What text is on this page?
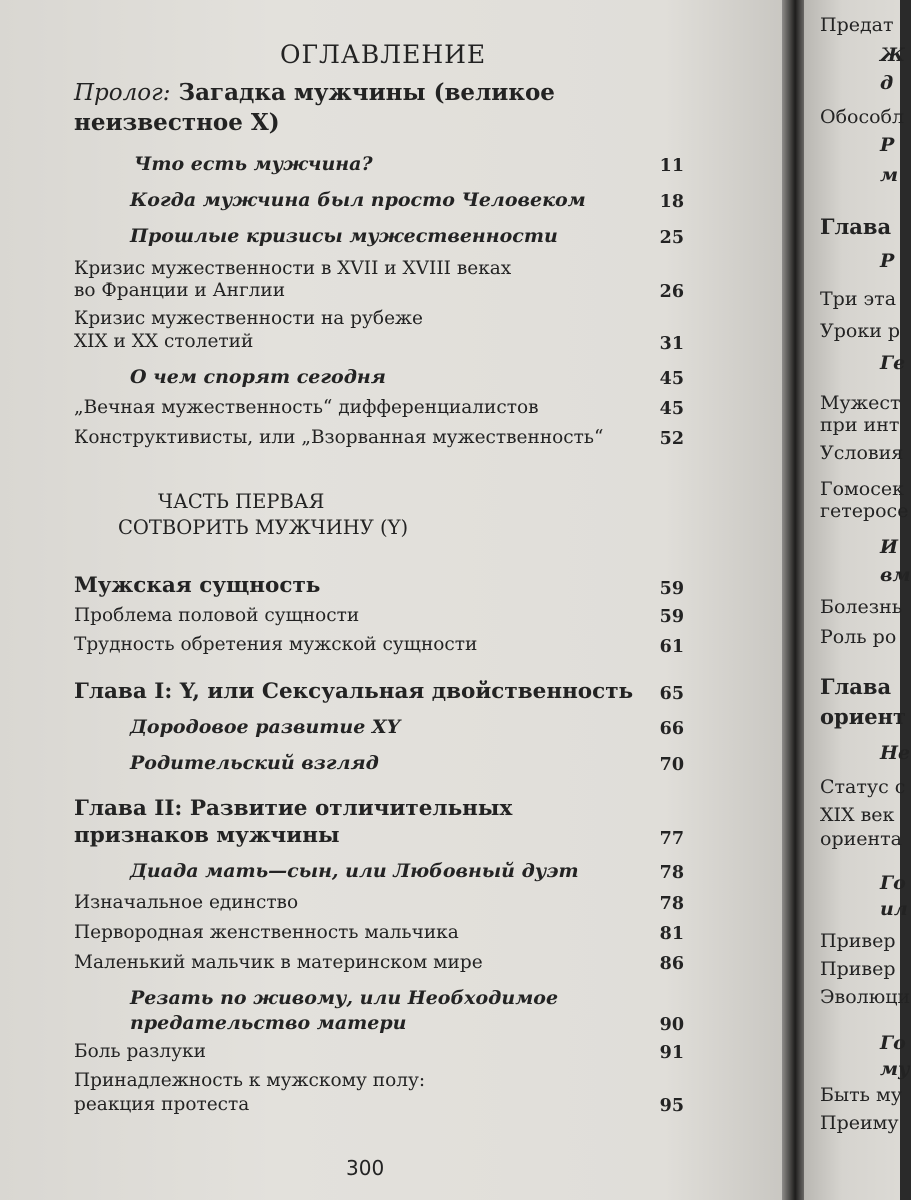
ОГЛАВЛЕНИЕ
Пролог: Загадка мужчины (великое
неизвестное X)
Что есть мужчина?	11
Когда мужчина был просто Человеком	18
Прошлые кризисы мужественности	25
Кризис мужественности в XVII и XVIII веках
во Франции и Англии	26
Кризис мужественности на рубеже
XIX и XX столетий	31
О чем спорят сегодня	45
„Вечная мужественность“ дифференциалистов	45
Конструктивисты, или „Взорванная мужественность“	52
ЧАСТЬ ПЕРВАЯ
СОТВОРИТЬ МУЖЧИНУ (Y)
Мужская сущность	59
Проблема половой сущности	59
Трудность обретения мужской сущности	61
Глава I: Y, или Сексуальная двойственность 65
Дородовое развитие XY	66
Родительский взгляд	70
Глава II: Развитие отличительных
признаков мужчины	77
Диада мать—сын, или Любовный дуэт	78
Изначальное единство	78
Первородная женственность мальчика	81
Маленький мальчик в материнском мире	86
Резать по живому, или Необходимое
предательство матери	90
Боль разлуки	91
Принадлежность к мужскому полу:
реакция протеста	95
300
Предат
Ж
д
Обособл
Р
м
Глава
Р
Три эта
Уроки р
Ге
Мужест
при инт
Условия
Гомосек
гетеросе
И
вм
Болезнь
Роль ро
Глава
ориент
Не
Статус с
XIX век
ориента
Го
ил
Привер
Привер
Эволюци
Го
му
Быть му
Преиму
